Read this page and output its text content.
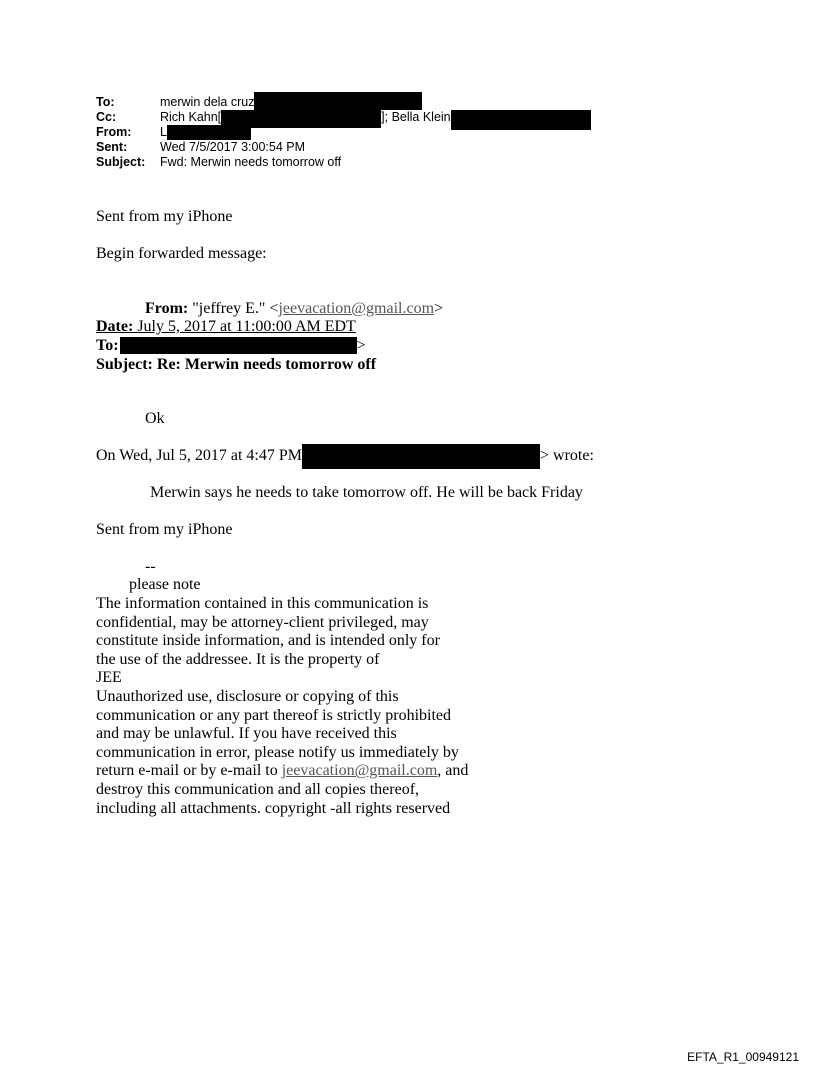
To:	merwin dela cruz
Cc:	Rich Kahn[	]; Bella Klein
From: L
Sent:	Wed 7/5/2017 3:00:54 PM
Subject: Fwd: Merwin needs tomorrow off
Sent from my iPhone
Begin forwarded message:
From: "jeffrey E." <jeevacation@gmail.com>
Date: July 5, 2017 at 11:00:00 AM EDT
To:	>
Subject: Re: Merwin needs tomorrow off
Ok
On Wed, Jul 5, 2017 at 4:47 PM	> wrote:
Merwin says he needs to take tomorrow off. He will be back Friday
Sent from my iPhone
--
please note
The information contained in this communication is
confidential, may be attorney-client privileged, may
constitute inside information, and is intended only for
the use of the addressee. It is the property of
JEE
Unauthorized use, disclosure or copying of this
communication or any part thereof is strictly prohibited
and may be unlawful. If you have received this
communication in error, please notify us immediately by
return e-mail or by e-mail to jeevacation@gmail.com, and
destroy this communication and all copies thereof,
including all attachments. copyright -all rights reserved
EFTA_R1_00949121
